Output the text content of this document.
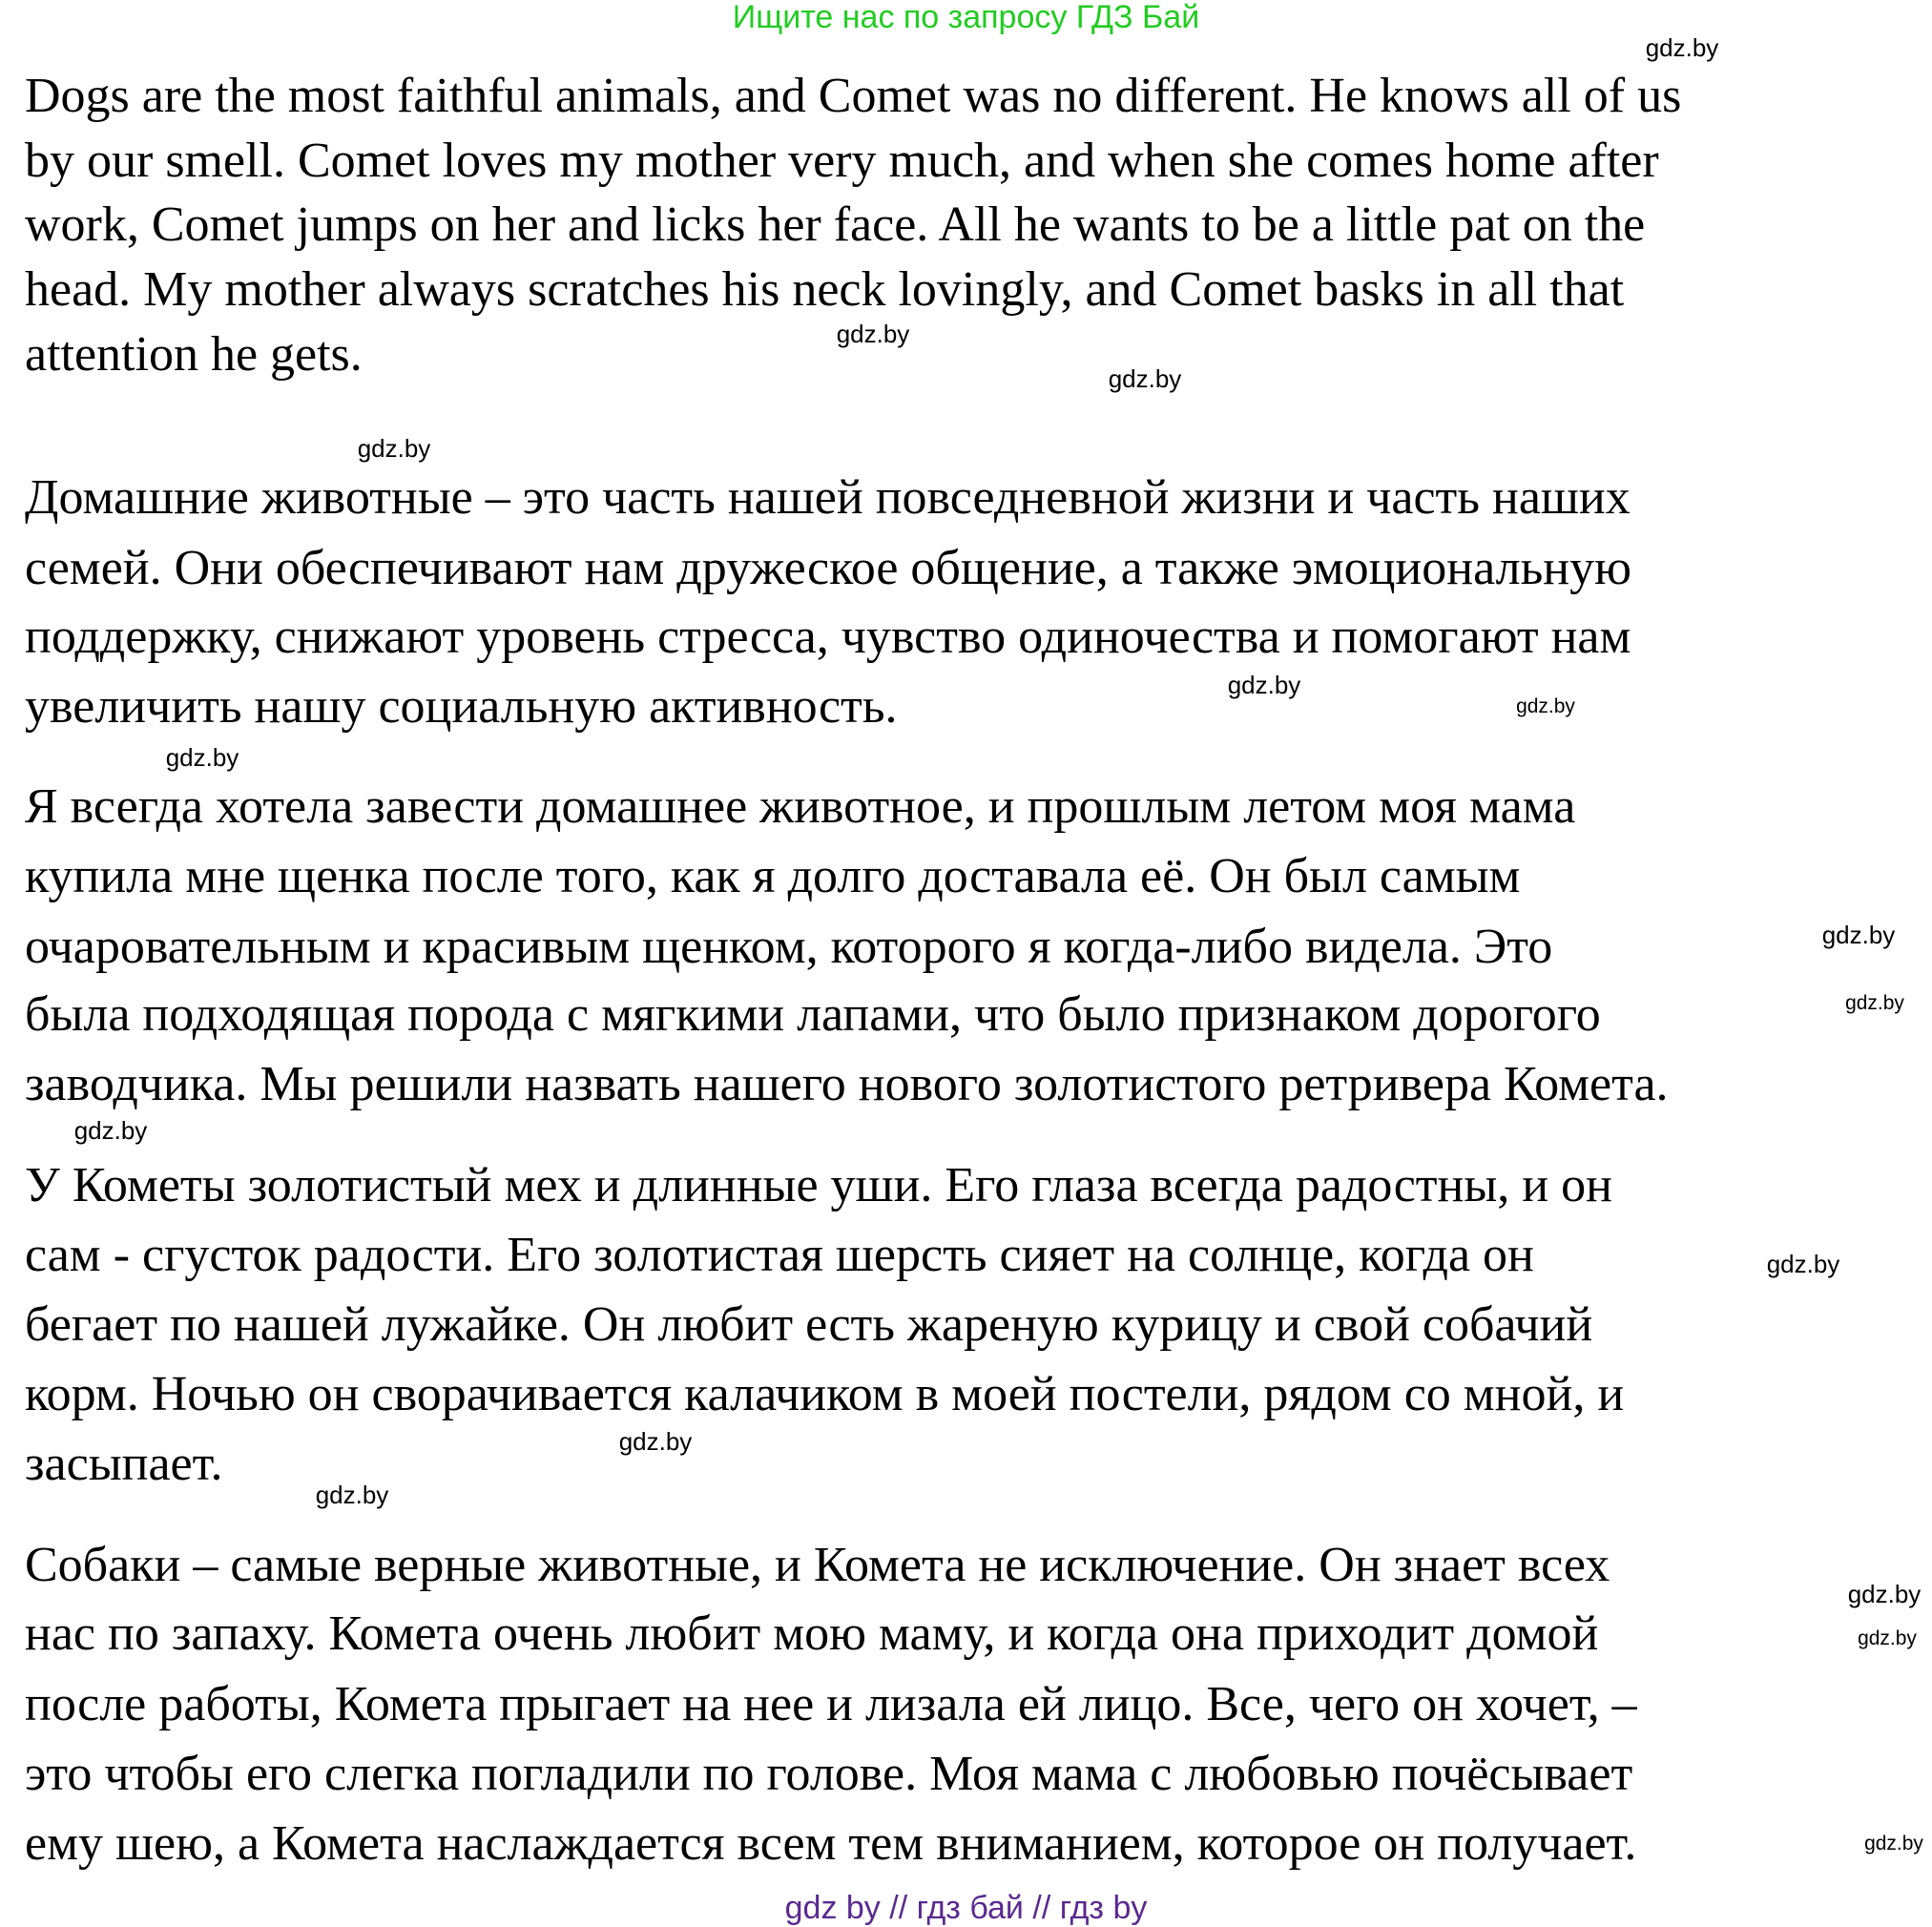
Ищите нас по запросу ГДЗ Бай
Dogs are the most faithful animals, and Comet was no different. He knows all of us
by our smell. Comet loves my mother very much, and when she comes home after
work, Comet jumps on her and licks her face. All he wants to be a little pat on the
head. My mother always scratches his neck lovingly, and Comet basks in all that
attention he gets.
Домашние животные – это часть нашей повседневной жизни и часть наших
семей. Они обеспечивают нам дружеское общение, а также эмоциональную
поддержку, снижают уровень стресса, чувство одиночества и помогают нам
увеличить нашу социальную активность.
Я всегда хотела завести домашнее животное, и прошлым летом моя мама
купила мне щенка после того, как я долго доставала её. Он был самым
очаровательным и красивым щенком, которого я когда-либо видела. Это
была подходящая порода с мягкими лапами, что было признаком дорогого
заводчика. Мы решили назвать нашего нового золотистого ретривера Комета.
У Кометы золотистый мех и длинные уши. Его глаза всегда радостны, и он
сам - сгусток радости. Его золотистая шерсть сияет на солнце, когда он
бегает по нашей лужайке. Он любит есть жареную курицу и свой собачий
корм. Ночью он сворачивается калачиком в моей постели, рядом со мной, и
засыпает.
Собаки – самые верные животные, и Комета не исключение. Он знает всех
нас по запаху. Комета очень любит мою маму, и когда она приходит домой
после работы, Комета прыгает на нее и лизала ей лицо. Все, чего он хочет, –
это чтобы его слегка погладили по голове. Моя мама с любовью почёсывает
ему шею, а Комета наслаждается всем тем вниманием, которое он получает.
gdz.by
gdz.by
gdz.by
gdz.by
gdz.by
gdz.by
gdz.by
gdz.by
gdz.by
gdz.by
gdz.by
gdz.by
gdz.by
gdz.by
gdz.by
gdz.by
gdz by // гдз бай // гдз by
